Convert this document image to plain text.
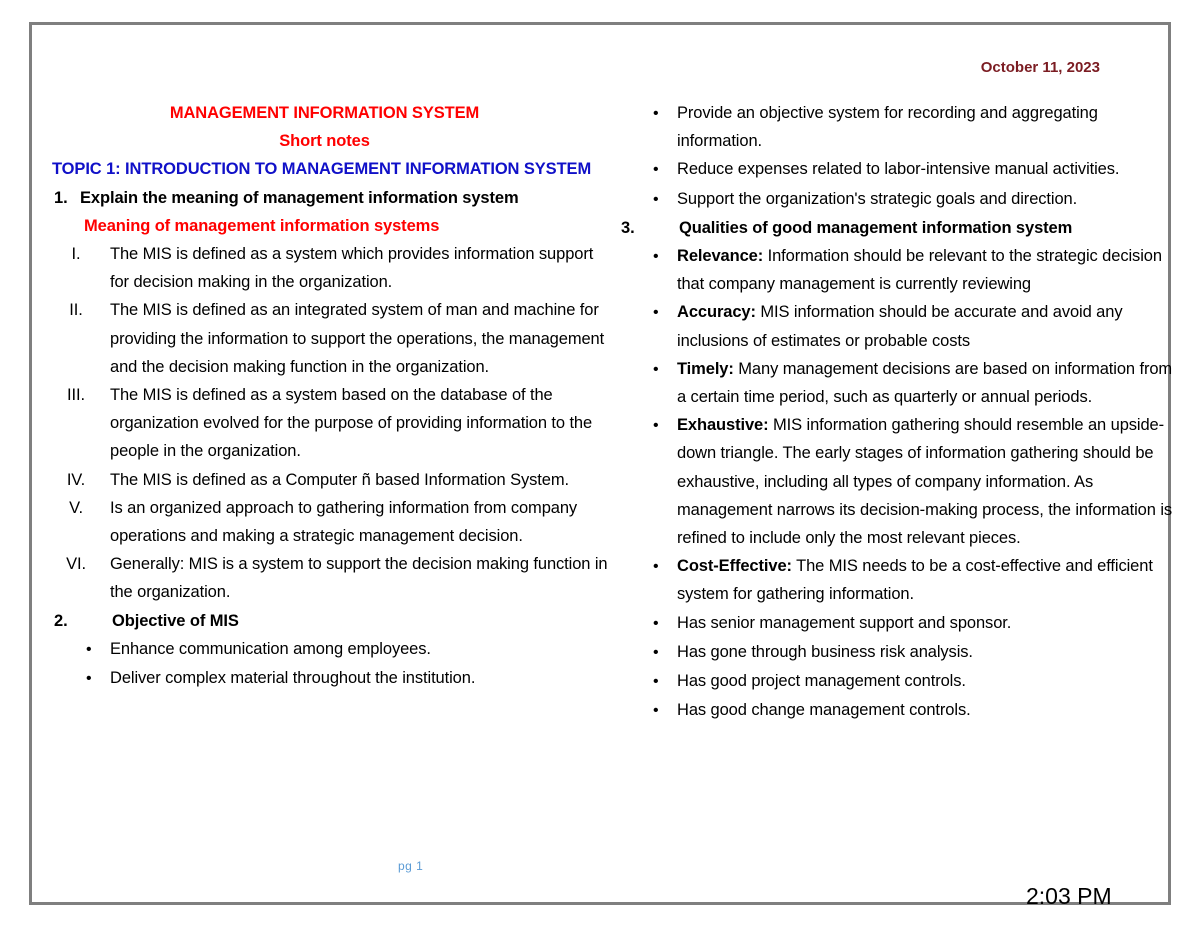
October 11, 2023
MANAGEMENT INFORMATION SYSTEM
Short notes
TOPIC 1: INTRODUCTION TO MANAGEMENT INFORMATION SYSTEM
1. Explain the meaning of management information system
Meaning of management information systems
I.	The MIS is defined as a system which provides information support for decision making in the organization.
II.	The MIS is defined as an integrated system of man and machine for providing the information to support the operations, the management and the decision making function in the organization.
III.	The MIS is defined as a system based on the database of the organization evolved for the purpose of providing information to the people in the organization.
IV.	The MIS is defined as a Computer ñ based Information System.
V.	Is an organized approach to gathering information from company operations and making a strategic management decision.
VI.	Generally: MIS is a system to support the decision making function in the organization.
2.	Objective of MIS
•
Enhance communication among employees.
•
Deliver complex material throughout the institution.
•
Provide an objective system for recording and aggregating information.
•
Reduce expenses related to labor-intensive manual activities.
•
Support the organization's strategic goals and direction.
3.	Qualities of good management information system
•
Relevance: Information should be relevant to the strategic decision that company management is currently reviewing
•
Accuracy: MIS information should be accurate and avoid any inclusions of estimates or probable costs
•
Timely: Many management decisions are based on information from a certain time period, such as quarterly or annual periods.
•
Exhaustive: MIS information gathering should resemble an upside-down triangle. The early stages of information gathering should be exhaustive, including all types of company information. As management narrows its decision-making process, the information is refined to include only the most relevant pieces.
•
Cost-Effective: The MIS needs to be a cost-effective and efficient system for gathering information.
•
Has senior management support and sponsor.
•
Has gone through business risk analysis.
•
Has good project management controls.
•
Has good change management controls.
pg 1
2:03 PM
